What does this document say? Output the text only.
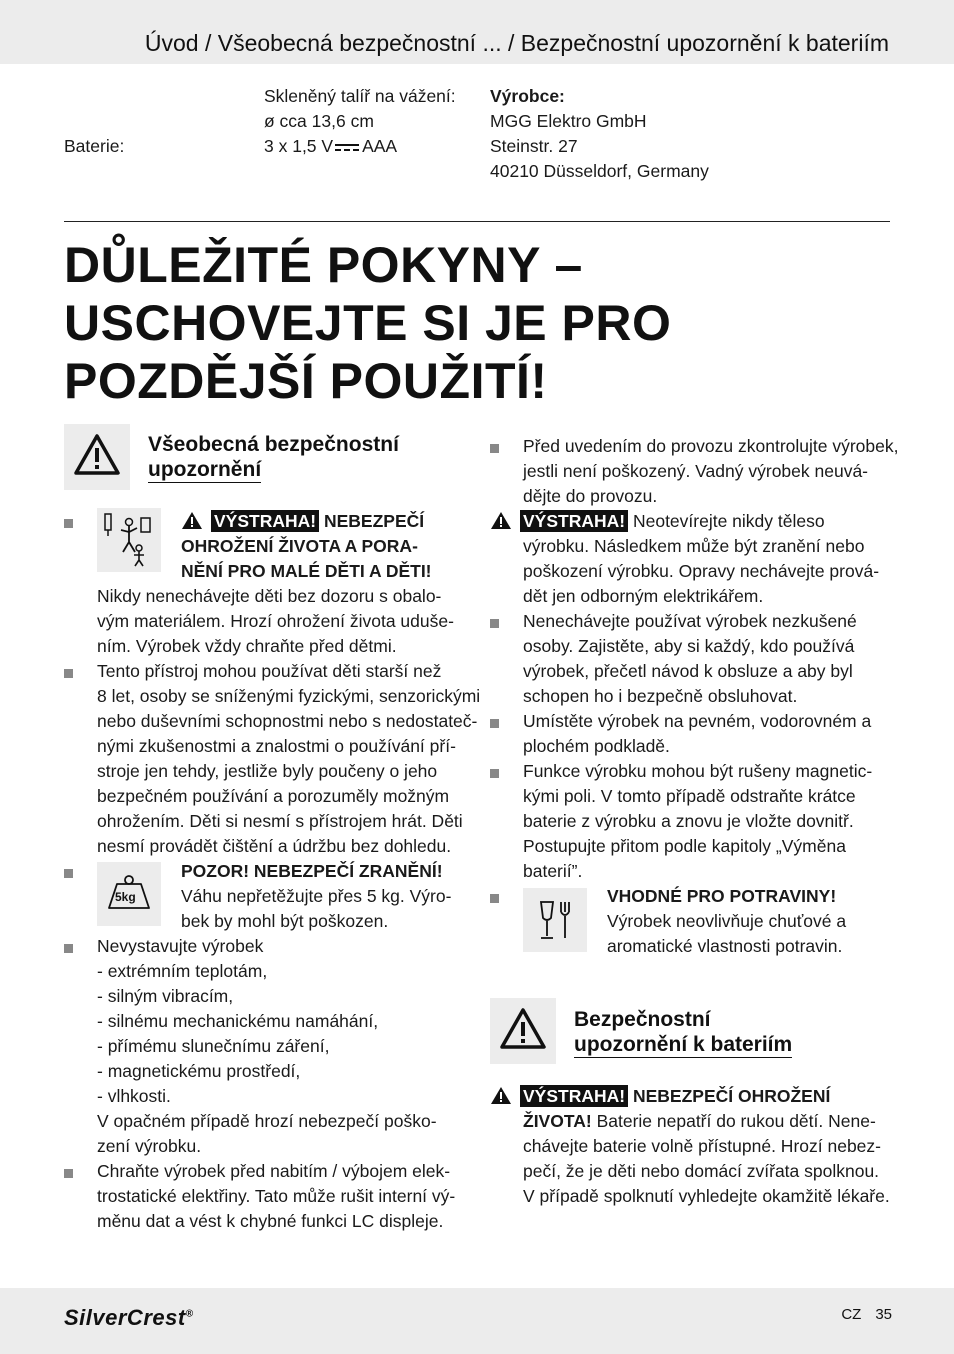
Úvod / Všeobecná bezpečnostní ... / Bezpečnostní upozornění k bateriím
Skleněný talíř na vážení:
ø cca 13,6 cm
Baterie:	3 x 1,5 V AAA
Výrobce:
MGG Elektro GmbH
Steinstr. 27
40210 Düsseldorf, Germany
DŮLEŽITÉ POKYNY –
USCHOVEJTE SI JE PRO
POZDĚJŠÍ POUŽITÍ!
Všeobecná bezpečnostní
upozornění
VÝSTRAHA! NEBEZPEČÍ
OHROŽENÍ ŽIVOTA A PORA-
NĚNÍ PRO MALÉ DĚTI A DĚTI!
Nikdy nenechávejte děti bez dozoru s obalo-
vým materiálem. Hrozí ohrožení života uduše-
ním. Výrobek vždy chraňte před dětmi.
Tento přístroj mohou používat děti starší než
8 let, osoby se sníženými fyzickými, senzorickými
nebo duševními schopnostmi nebo s nedostateč-
nými zkušenostmi a znalostmi o používání pří-
stroje jen tehdy, jestliže byly poučeny o jeho
bezpečném používání a porozuměly možným
ohrožením. Děti si nesmí s přístrojem hrát. Děti
nesmí provádět čištění a údržbu bez dohledu.
5kg
POZOR! NEBEZPEČÍ ZRANĚNÍ!
Váhu nepřetěžujte přes 5 kg. Výro-
bek by mohl být poškozen.
Nevystavujte výrobek
- extrémním teplotám,
- silným vibracím,
- silnému mechanickému namáhání,
- přímému slunečnímu záření,
- magnetickému prostředí,
- vlhkosti.
V opačném případě hrozí nebezpečí poško-
zení výrobku.
Chraňte výrobek před nabitím / výbojem elek-
trostatické elektřiny. Tato může rušit interní vý-
měnu dat a vést k chybné funkci LC displeje.
Před uvedením do provozu zkontrolujte výrobek,
jestli není poškozený. Vadný výrobek neuvá-
dějte do provozu.
VÝSTRAHA! Neotevírejte nikdy těleso
výrobku. Následkem může být zranění nebo
poškození výrobku. Opravy nechávejte prová-
dět jen odborným elektrikářem.
Nenechávejte používat výrobek nezkušené
osoby. Zajistěte, aby si každý, kdo používá
výrobek, přečetl návod k obsluze a aby byl
schopen ho i bezpečně obsluhovat.
Umístěte výrobek na pevném, vodorovném a
plochém podkladě.
Funkce výrobku mohou být rušeny magnetic-
kými poli. V tomto případě odstraňte krátce
baterie z výrobku a znovu je vložte dovnitř.
Postupujte přitom podle kapitoly „Výměna
baterií”.
VHODNÉ PRO POTRAVINY!
Výrobek neovlivňuje chuťové a
aromatické vlastnosti potravin.
Bezpečnostní
upozornění k bateriím
VÝSTRAHA! NEBEZPEČÍ OHROŽENÍ
ŽIVOTA! Baterie nepatří do rukou dětí. Nene-
chávejte baterie volně přístupné. Hrozí nebez-
pečí, že je děti nebo domácí zvířata spolknou.
V případě spolknutí vyhledejte okamžitě lékaře.
SilverCrest®	CZ 35
